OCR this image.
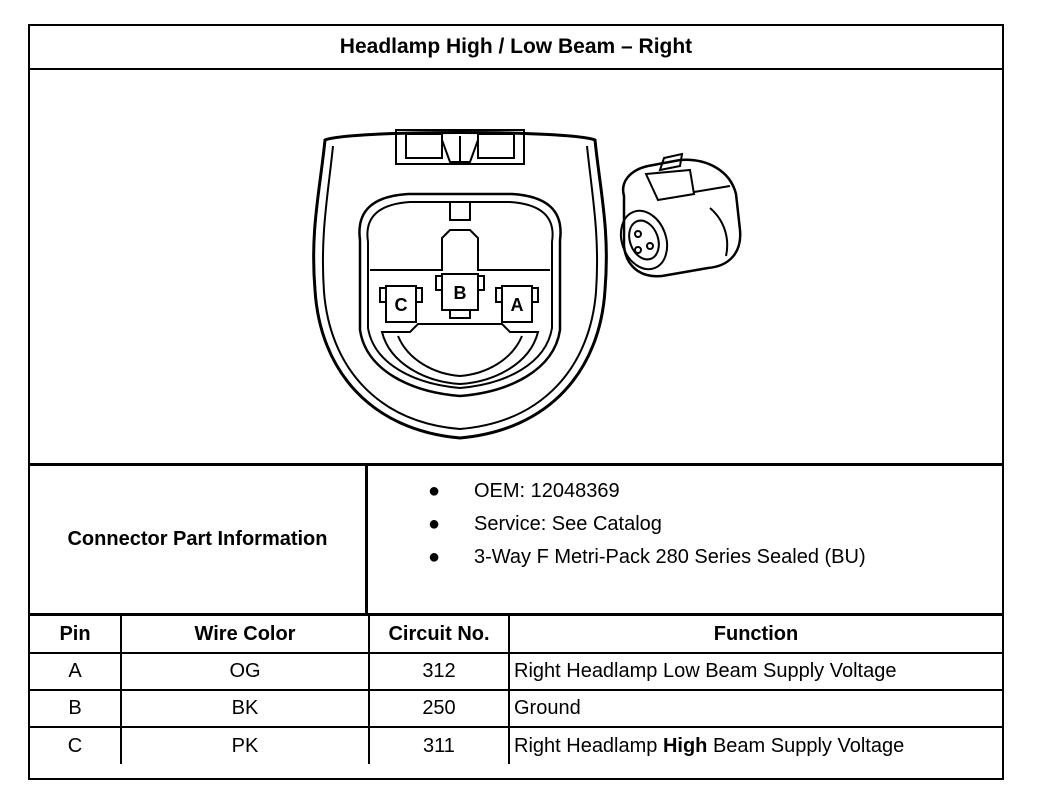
Headlamp High / Low Beam – Right
C
B
A
Connector Part Information
● OEM: 12048369
● Service: See Catalog
● 3-Way F Metri-Pack 280 Series Sealed (BU)
Pin	Wire Color	Circuit No.	Function
A	OG	312	Right Headlamp Low Beam Supply Voltage
B	BK	250	Ground
C	PK	311	Right Headlamp High Beam Supply Voltage
